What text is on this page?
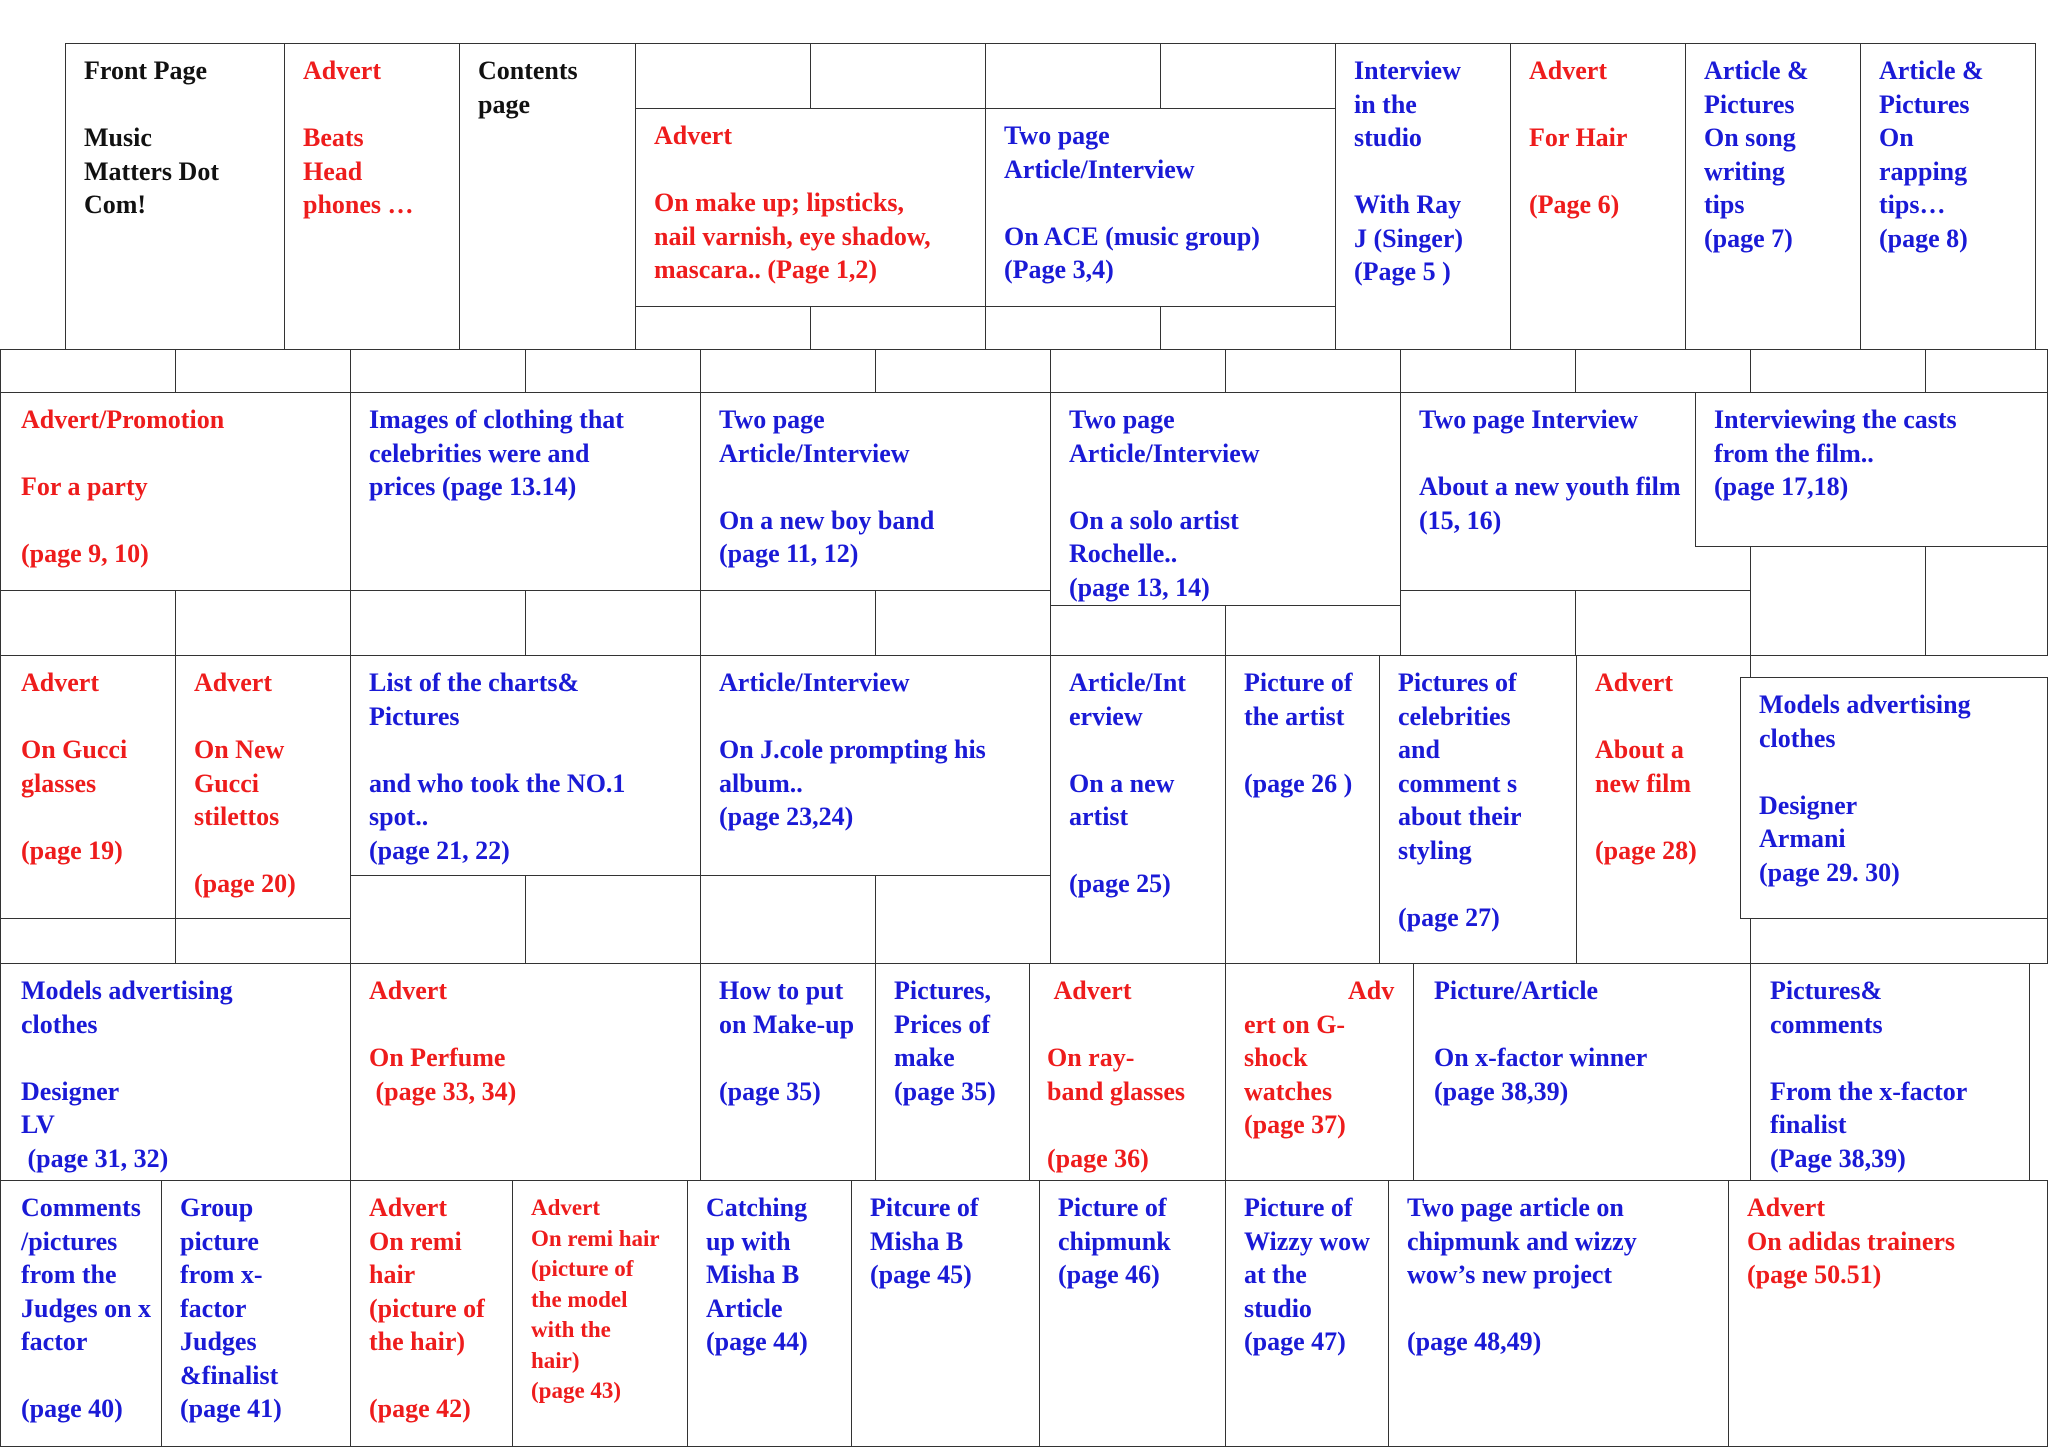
Front Page

Music
Matters Dot
Com!
Advert

Beats
Head
phones …
Contents
page
Advert

On make up; lipsticks,
nail varnish, eye shadow,
mascara.. (Page 1,2)
Two page
Article/Interview

On ACE (music group)
(Page 3,4)
Interview
in the
studio

With Ray
J (Singer)
(Page 5 )
Advert

For Hair

(Page 6)
Article &
Pictures
On song
writing
tips
(page 7)
Article &
Pictures
On
rapping
tips…
(page 8)
Advert/Promotion

For a party

(page 9, 10)
Images of clothing that
celebrities were and
prices (page 13.14)
Two page
Article/Interview

On a new boy band
(page 11, 12)
Two page
Article/Interview

On a solo artist
Rochelle..
(page 13, 14)
Two page Interview

About a new youth film
(15, 16)
Interviewing the casts
from the film..
(page 17,18)
Advert

On Gucci
glasses

(page 19)
Advert

On New
Gucci
stilettos

(page 20)
List of the charts&
Pictures

and who took the NO.1
spot..
(page 21, 22)
Article/Interview

On J.cole prompting his
album..
(page 23,24)
Article/Int
erview

On a new
artist

(page 25)
Picture of
the artist

(page 26 )
Pictures of
celebrities
and
comment s
about their
styling

(page 27)
Advert

About a
new film

(page 28)
Models advertising
clothes

Designer
Armani
(page 29. 30)
Models advertising
clothes

Designer
LV
(page 31, 32)
Advert

On Perfume
(page 33, 34)
How to put
on Make-up

(page 35)
Pictures,
Prices of
make
(page 35)
Advert

On ray-
band glasses

(page 36)
Adv
ert on G-
shock
watches
(page 37)
Picture/Article

On x-factor winner
(page 38,39)
Pictures&
comments

From the x-factor
finalist
(Page 38,39)
Comments
/pictures
from the
Judges on x
factor

(page 40)
Group
picture
from x-
factor
Judges
&finalist
(page 41)
Advert
On remi
hair
(picture of
the hair)

(page 42)
Advert
On remi hair
(picture of
the model
with the
hair)
(page 43)
Catching
up with
Misha B
Article
(page 44)
Pitcure of
Misha B
(page 45)
Picture of
chipmunk
(page 46)
Picture of
Wizzy wow
at the
studio
(page 47)
Two page article on
chipmunk and wizzy
wow’s new project

(page 48,49)
Advert
On adidas trainers
(page 50.51)
